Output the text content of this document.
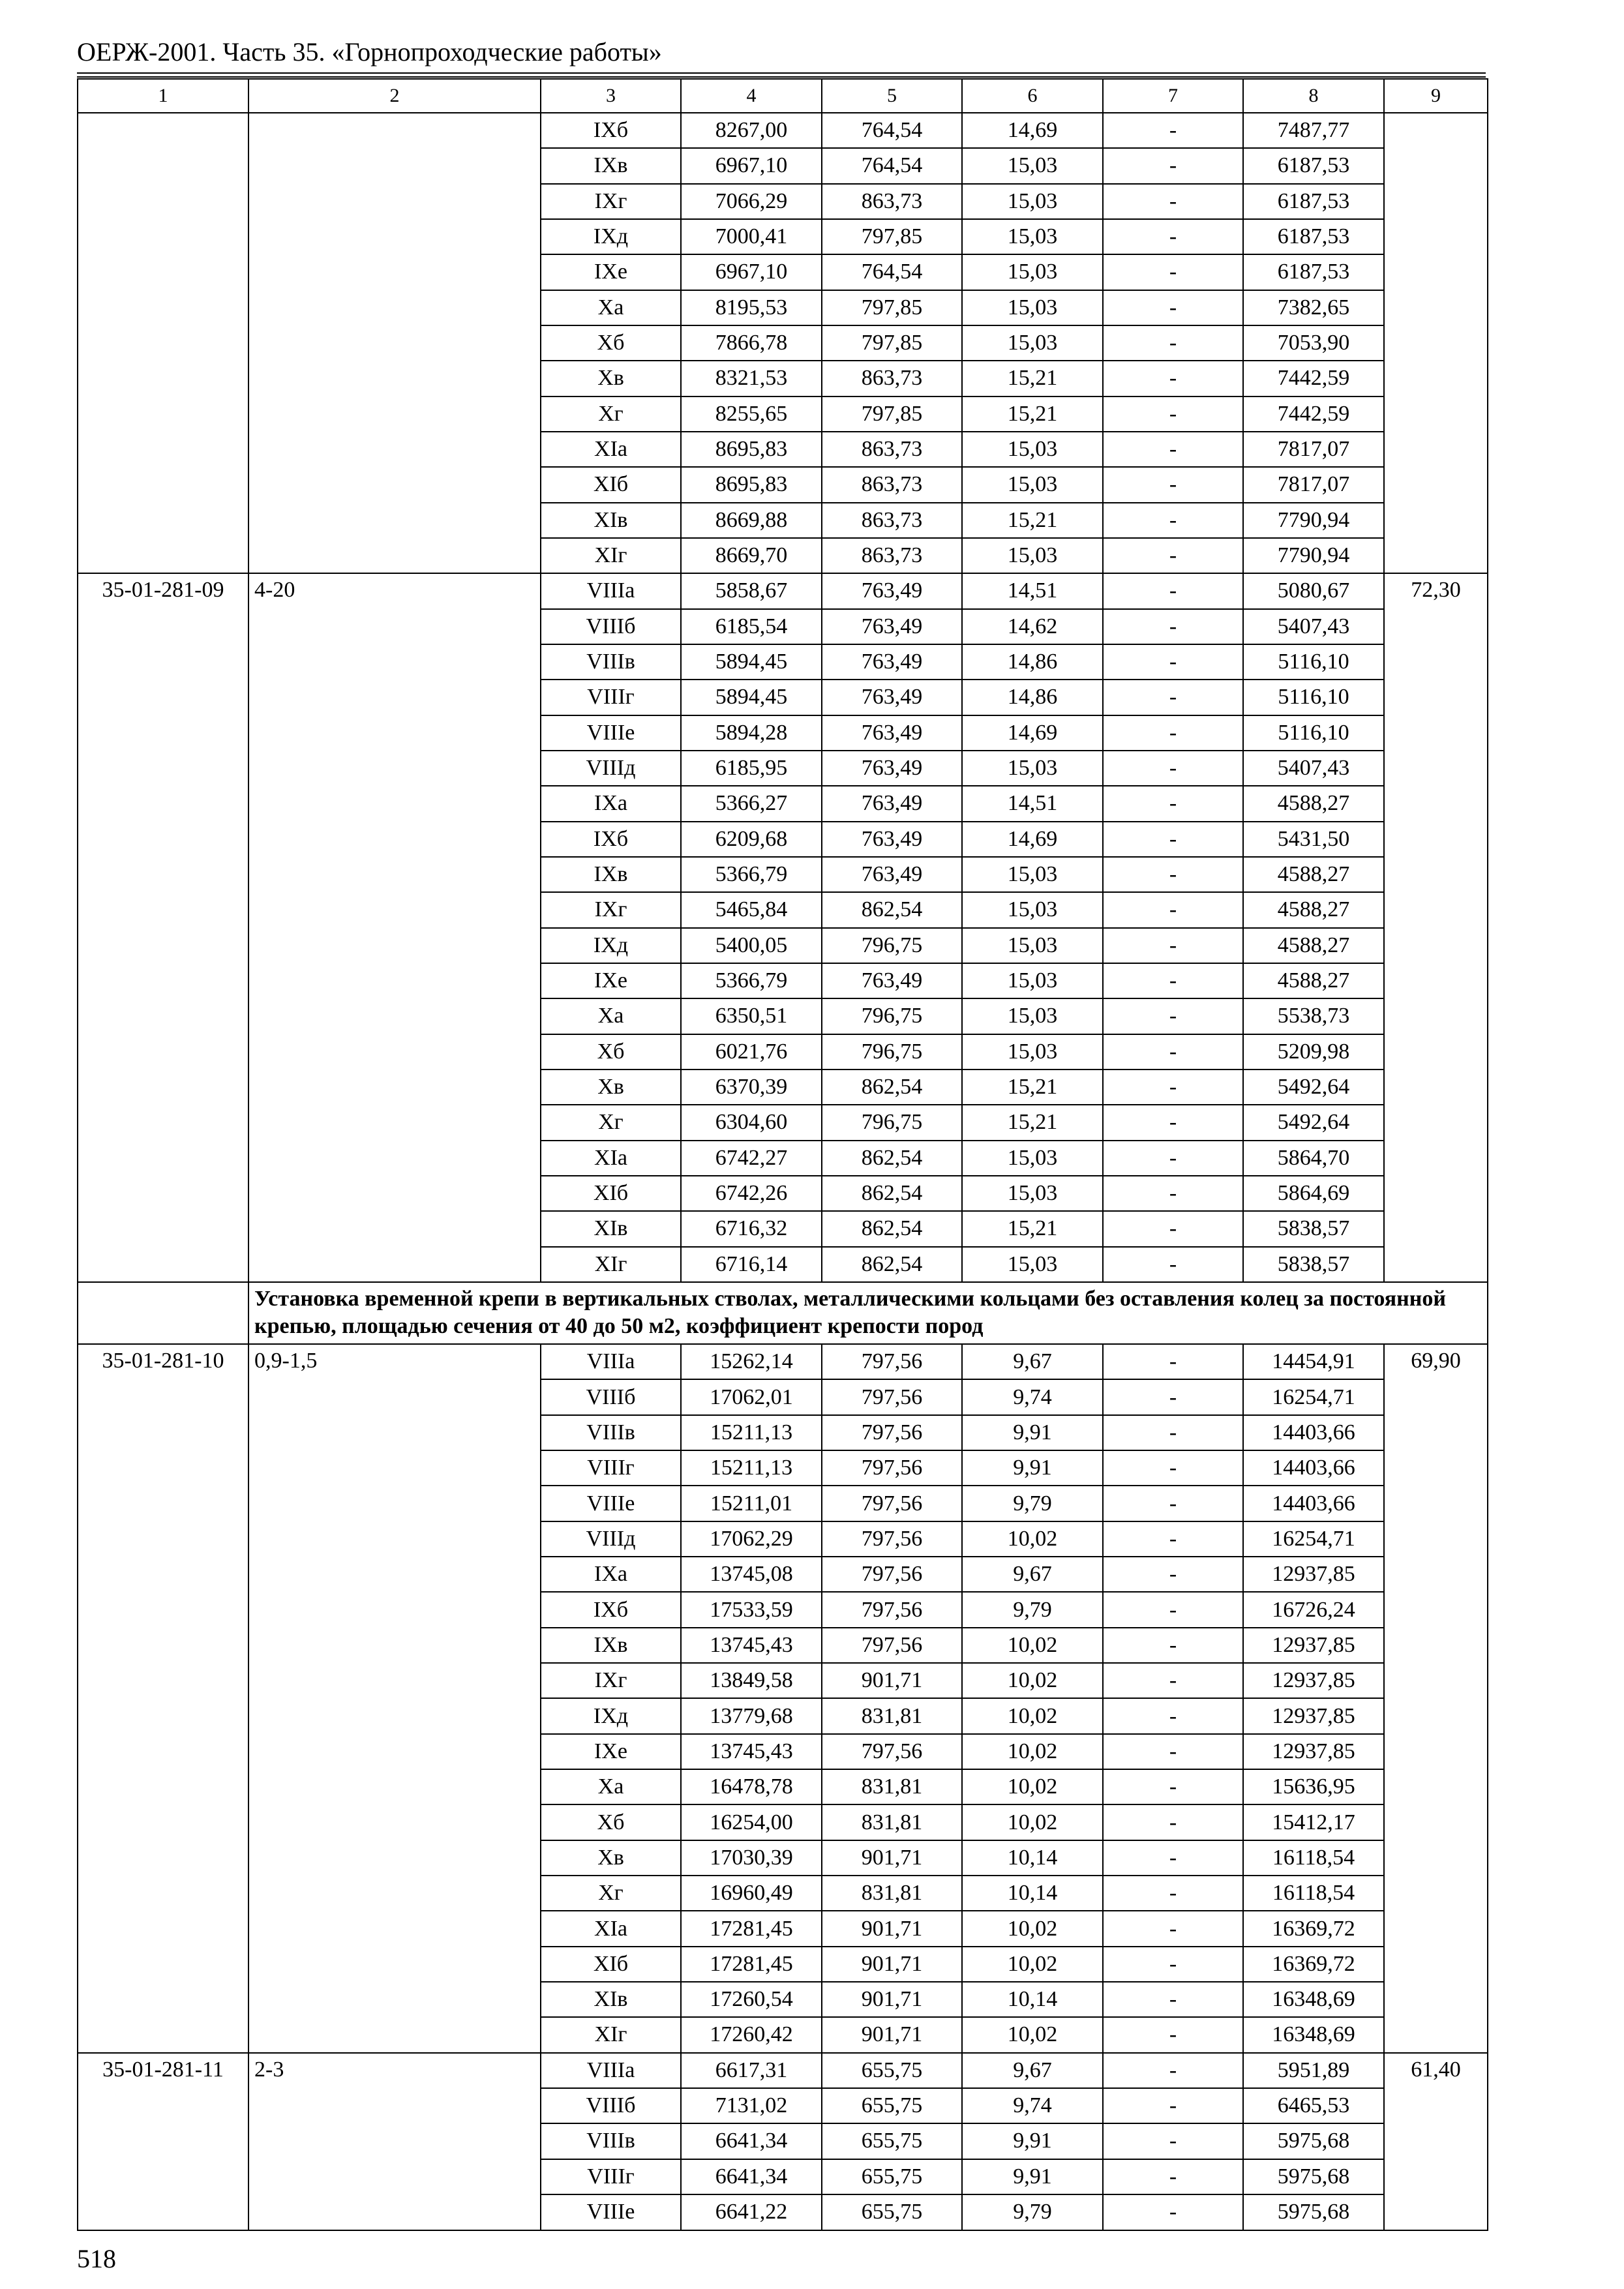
ОЕРЖ-2001. Часть 35. «Горнопроходческие работы»
1	2	3	4	5	6	7	8	9
		IXб	8267,00	764,54	14,69	-	7487,77	
		IXв	6967,10	764,54	15,03	-	6187,53	
		IXг	7066,29	863,73	15,03	-	6187,53	
		IXд	7000,41	797,85	15,03	-	6187,53	
		IXе	6967,10	764,54	15,03	-	6187,53	
		Xа	8195,53	797,85	15,03	-	7382,65	
		Xб	7866,78	797,85	15,03	-	7053,90	
		Xв	8321,53	863,73	15,21	-	7442,59	
		Xг	8255,65	797,85	15,21	-	7442,59	
		XIа	8695,83	863,73	15,03	-	7817,07	
		XIб	8695,83	863,73	15,03	-	7817,07	
		XIв	8669,88	863,73	15,21	-	7790,94	
		XIг	8669,70	863,73	15,03	-	7790,94	
35-01-281-09	4-20	VIIIа	5858,67	763,49	14,51	-	5080,67	72,30
		VIIIб	6185,54	763,49	14,62	-	5407,43	
		VIIIв	5894,45	763,49	14,86	-	5116,10	
		VIIIг	5894,45	763,49	14,86	-	5116,10	
		VIIIе	5894,28	763,49	14,69	-	5116,10	
		VIIIд	6185,95	763,49	15,03	-	5407,43	
		IXа	5366,27	763,49	14,51	-	4588,27	
		IXб	6209,68	763,49	14,69	-	5431,50	
		IXв	5366,79	763,49	15,03	-	4588,27	
		IXг	5465,84	862,54	15,03	-	4588,27	
		IXд	5400,05	796,75	15,03	-	4588,27	
		IXе	5366,79	763,49	15,03	-	4588,27	
		Xа	6350,51	796,75	15,03	-	5538,73	
		Xб	6021,76	796,75	15,03	-	5209,98	
		Xв	6370,39	862,54	15,21	-	5492,64	
		Xг	6304,60	796,75	15,21	-	5492,64	
		XIа	6742,27	862,54	15,03	-	5864,70	
		XIб	6742,26	862,54	15,03	-	5864,69	
		XIв	6716,32	862,54	15,21	-	5838,57	
		XIг	6716,14	862,54	15,03	-	5838,57	
	Установка временной крепи в вертикальных стволах, металлическими кольцами без оставления колец за постоянной крепью, площадью сечения от 40 до 50 м2, коэффициент крепости пород							
35-01-281-10	0,9-1,5	VIIIа	15262,14	797,56	9,67	-	14454,91	69,90
		VIIIб	17062,01	797,56	9,74	-	16254,71	
		VIIIв	15211,13	797,56	9,91	-	14403,66	
		VIIIг	15211,13	797,56	9,91	-	14403,66	
		VIIIе	15211,01	797,56	9,79	-	14403,66	
		VIIIд	17062,29	797,56	10,02	-	16254,71	
		IXа	13745,08	797,56	9,67	-	12937,85	
		IXб	17533,59	797,56	9,79	-	16726,24	
		IXв	13745,43	797,56	10,02	-	12937,85	
		IXг	13849,58	901,71	10,02	-	12937,85	
		IXд	13779,68	831,81	10,02	-	12937,85	
		IXе	13745,43	797,56	10,02	-	12937,85	
		Xа	16478,78	831,81	10,02	-	15636,95	
		Xб	16254,00	831,81	10,02	-	15412,17	
		Xв	17030,39	901,71	10,14	-	16118,54	
		Xг	16960,49	831,81	10,14	-	16118,54	
		XIа	17281,45	901,71	10,02	-	16369,72	
		XIб	17281,45	901,71	10,02	-	16369,72	
		XIв	17260,54	901,71	10,14	-	16348,69	
		XIг	17260,42	901,71	10,02	-	16348,69	
35-01-281-11	2-3	VIIIа	6617,31	655,75	9,67	-	5951,89	61,40
		VIIIб	7131,02	655,75	9,74	-	6465,53	
		VIIIв	6641,34	655,75	9,91	-	5975,68	
		VIIIг	6641,34	655,75	9,91	-	5975,68	
		VIIIе	6641,22	655,75	9,79	-	5975,68	
518
